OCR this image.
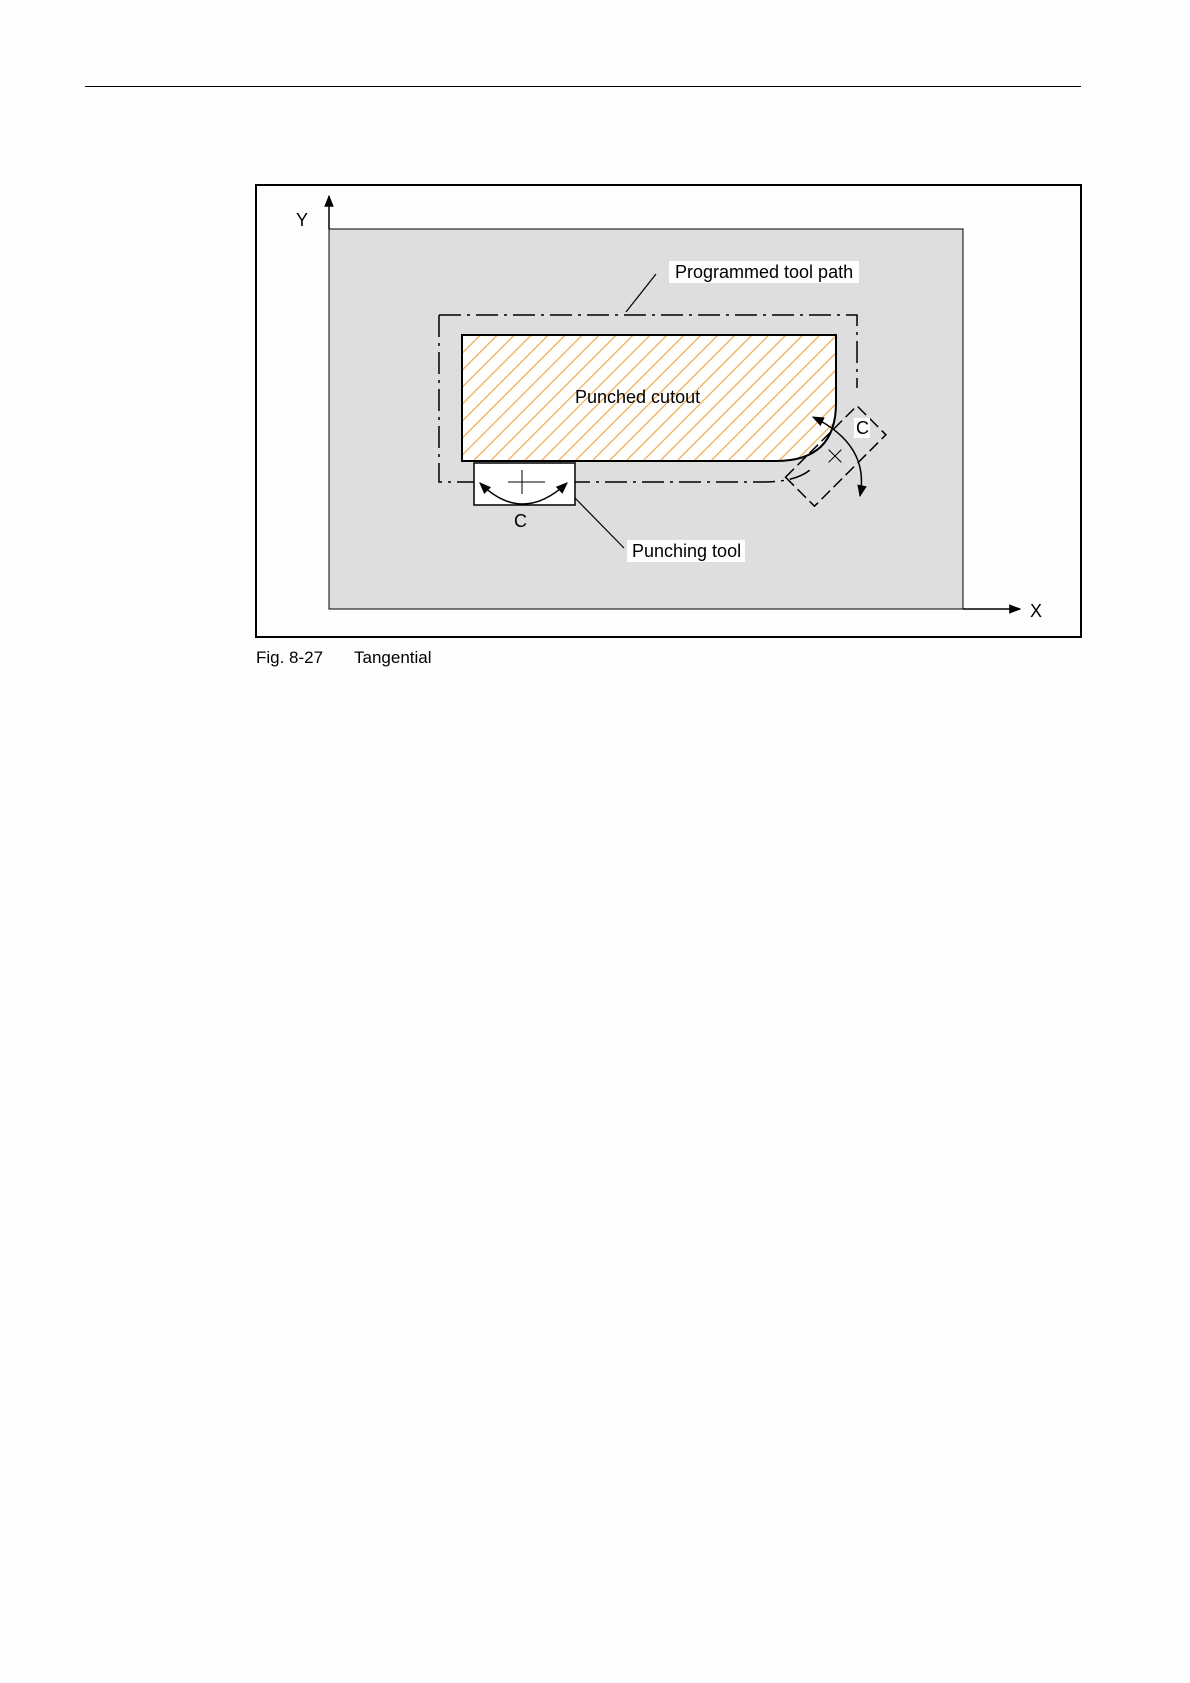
Y
X
Programmed tool path
Punched cutout
C
Punching tool
C
Fig. 8-27 Tangential
